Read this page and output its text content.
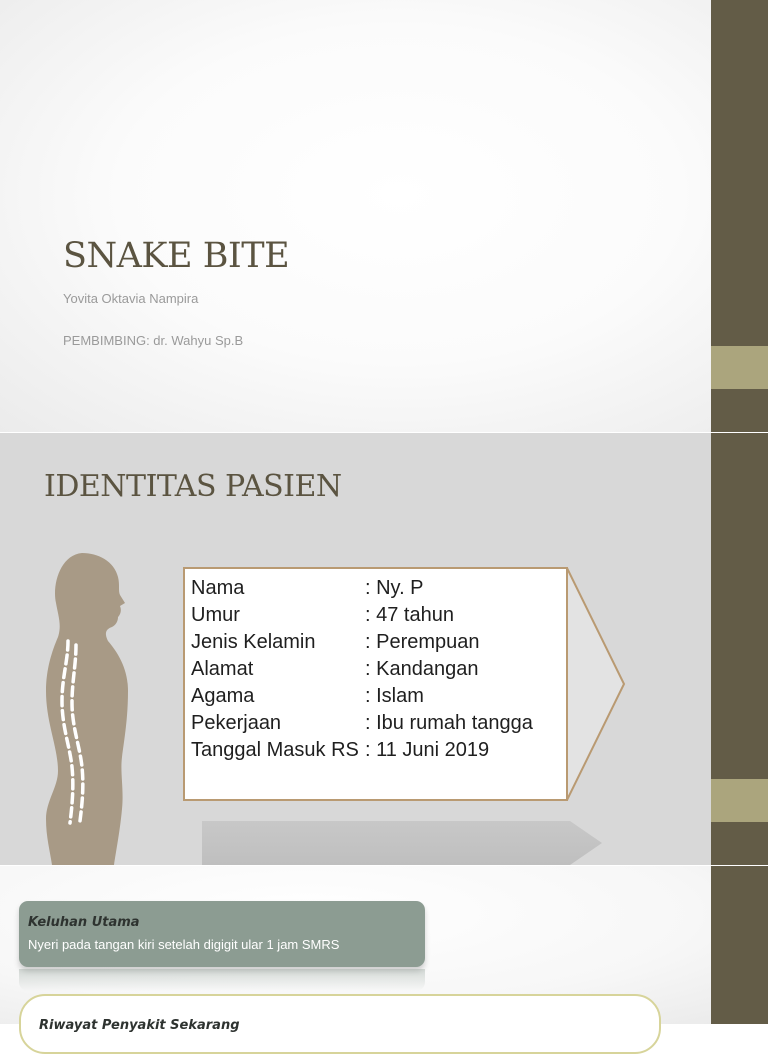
SNAKE BITE
Yovita Oktavia Nampira
PEMBIMBING: dr. Wahyu Sp.B
IDENTITAS PASIEN
Nama	: Ny. P
Umur	: 47 tahun
Jenis Kelamin	: Perempuan
Alamat	: Kandangan
Agama	: Islam
Pekerjaan	: Ibu rumah tangga
Tanggal Masuk RS : 11 Juni 2019
Keluhan Utama
Nyeri pada tangan kiri setelah digigit ular 1 jam SMRS
Riwayat Penyakit Sekarang
